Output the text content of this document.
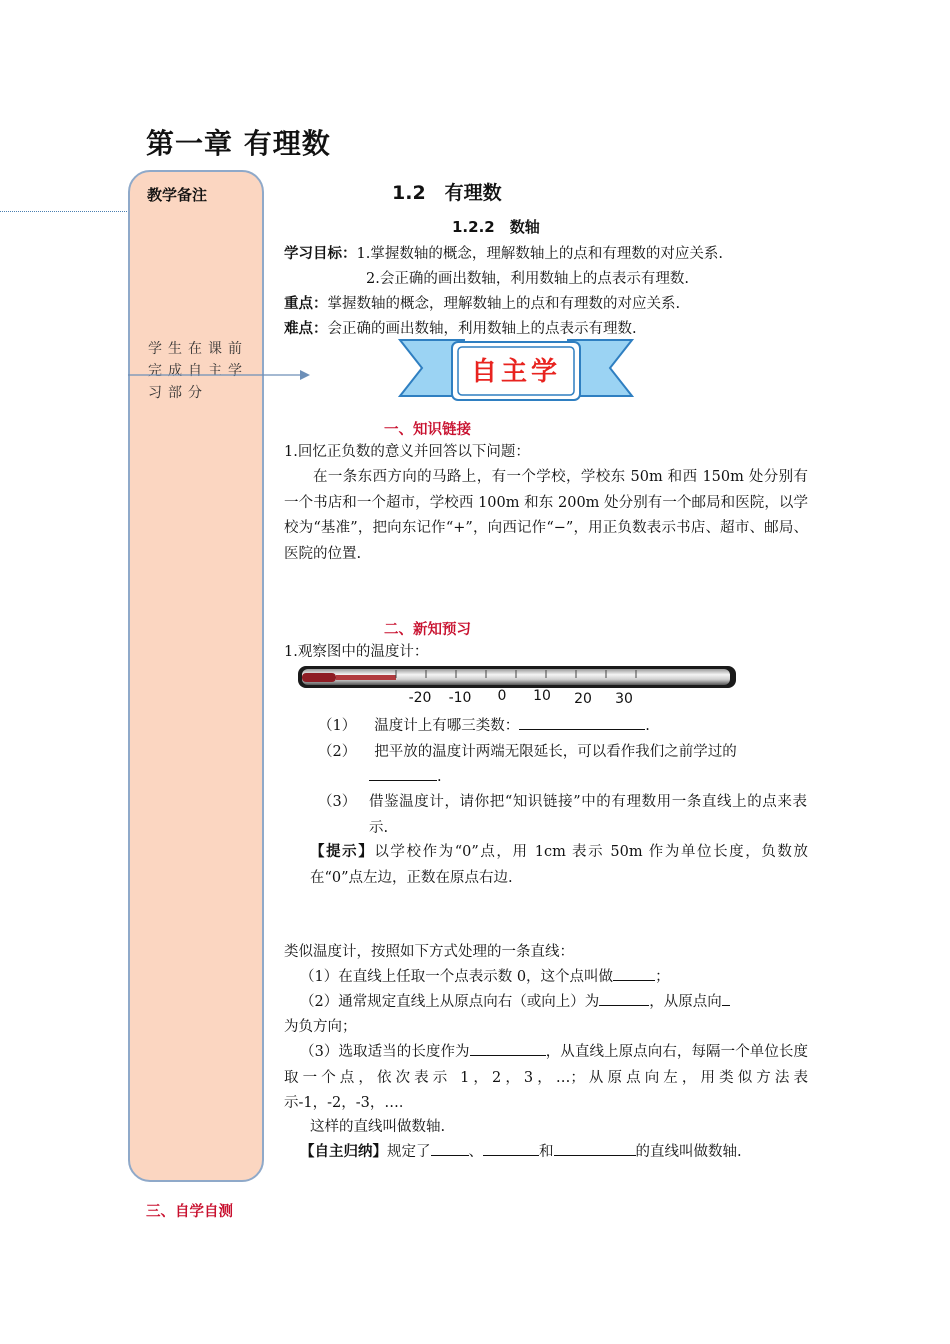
第一章 有理数
教学备注
学生在课前完成自主学习部分
1.2　有理数
1.2.2　数轴
学习目标：1.掌握数轴的概念，理解数轴上的点和有理数的对应关系.
2.会正确的画出数轴，利用数轴上的点表示有理数.
重点：掌握数轴的概念，理解数轴上的点和有理数的对应关系.
难点：会正确的画出数轴，利用数轴上的点表示有理数.
自主学
一、知识链接
1.回忆正负数的意义并回答以下问题：
在一条东西方向的马路上，有一个学校，学校东 50m 和西 150m 处分别有一个书店和一个超市，学校西 100m 和东 200m 处分别有一个邮局和医院，以学校为“基准”，把向东记作“+”，向西记作“−”，用正负数表示书店、超市、邮局、医院的位置.
二、新知预习
1.观察图中的温度计：
-20 -10 0 10 20 30
（1） 温度计上有哪三类数：	.
（2） 把平放的温度计两端无限延长，可以看作我们之前学过的
.
（3） 借鉴温度计，请你把“知识链接”中的有理数用一条直线上的点来表示.
【提示】以学校作为“0”点，用 1cm 表示 50m 作为单位长度，负数放在“0”点左边，正数在原点右边.
类似温度计，按照如下方式处理的一条直线：
（1）在直线上任取一个点表示数 0，这个点叫做	；
（2）通常规定直线上从原点向右（或向上）为	，从原点向
为负方向；
（3）选取适当的长度作为	，从直线上原点向右，每隔一个单位长度取一个点，依次表示 1，2，3，…；从原点向左，用类似方法表示-1，-2，-3，…．
这样的直线叫做数轴.
【自主归纳】规定了	、	和	的直线叫做数轴.
三、自学自测
